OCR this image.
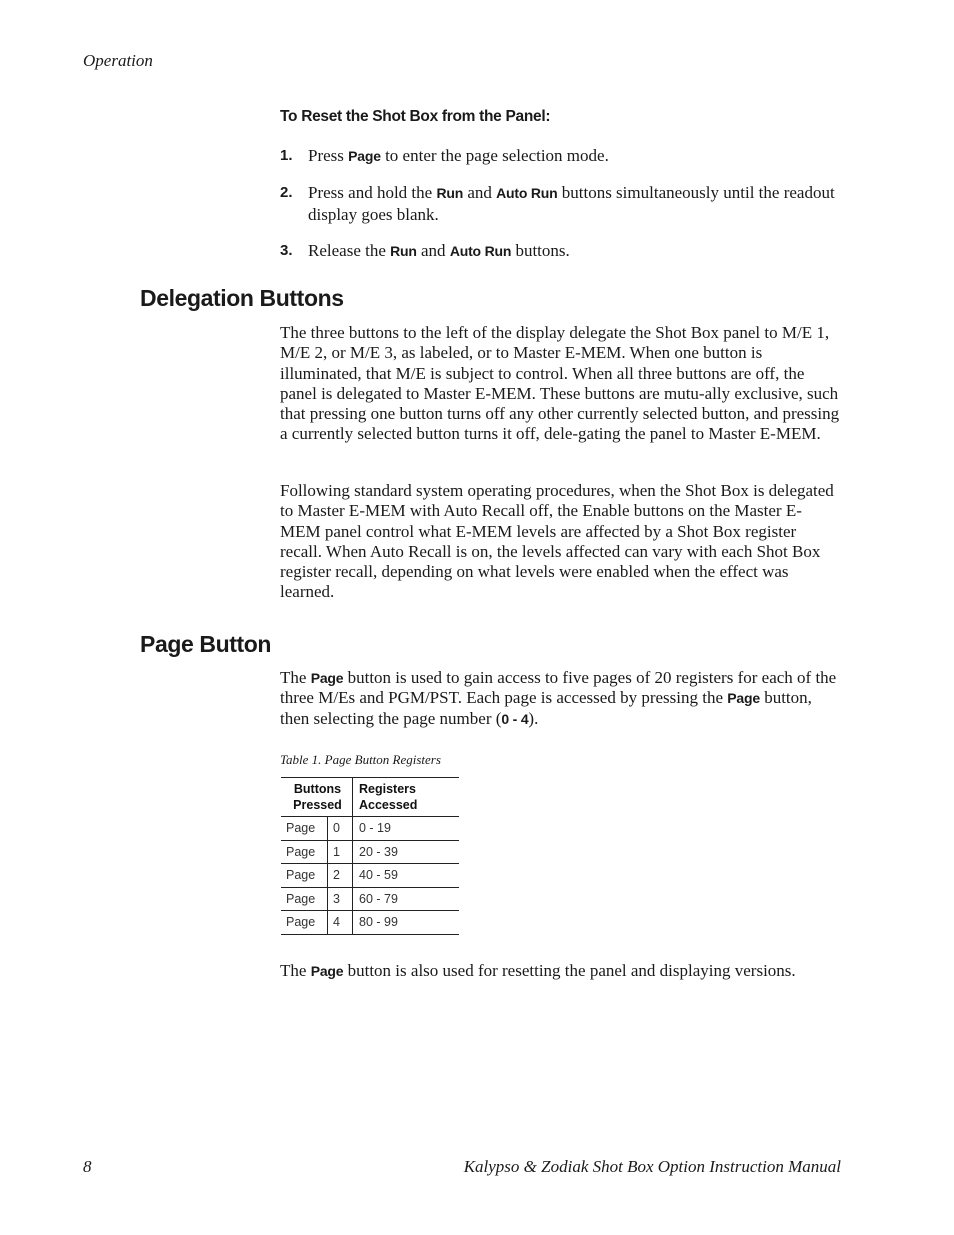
Operation
To Reset the Shot Box from the Panel:
1. Press Page to enter the page selection mode.
2. Press and hold the Run and Auto Run buttons simultaneously until the readout display goes blank.
3. Release the Run and Auto Run buttons.
Delegation Buttons

The three buttons to the left of the display delegate the Shot Box panel to M/E 1, M/E 2, or M/E 3, as labeled, or to Master E-MEM. When one button is illuminated, that M/E is subject to control. When all three buttons are off, the panel is delegated to Master E-MEM. These buttons are mutu-ally exclusive, such that pressing one button turns off any other currently selected button, and pressing a currently selected button turns it off, dele-gating the panel to Master E-MEM.

Following standard system operating procedures, when the Shot Box is delegated to Master E-MEM with Auto Recall off, the Enable buttons on the Master E-MEM panel control what E-MEM levels are affected by a Shot Box register recall. When Auto Recall is on, the levels affected can vary with each Shot Box register recall, depending on what levels were enabled when the effect was learned.

Page Button

The Page button is used to gain access to five pages of 20 registers for each of the three M/Es and PGM/PST. Each page is accessed by pressing the Page button, then selecting the page number (0 - 4).

Table 1. Page Button Registers
Buttons Pressed		Registers Accessed
Page	0	0 - 19
Page	1	20 - 39
Page	2	40 - 59
Page	3	60 - 79
Page	4	80 - 99

The Page button is also used for resetting the panel and displaying versions.

8	Kalypso & Zodiak Shot Box Option Instruction Manual
